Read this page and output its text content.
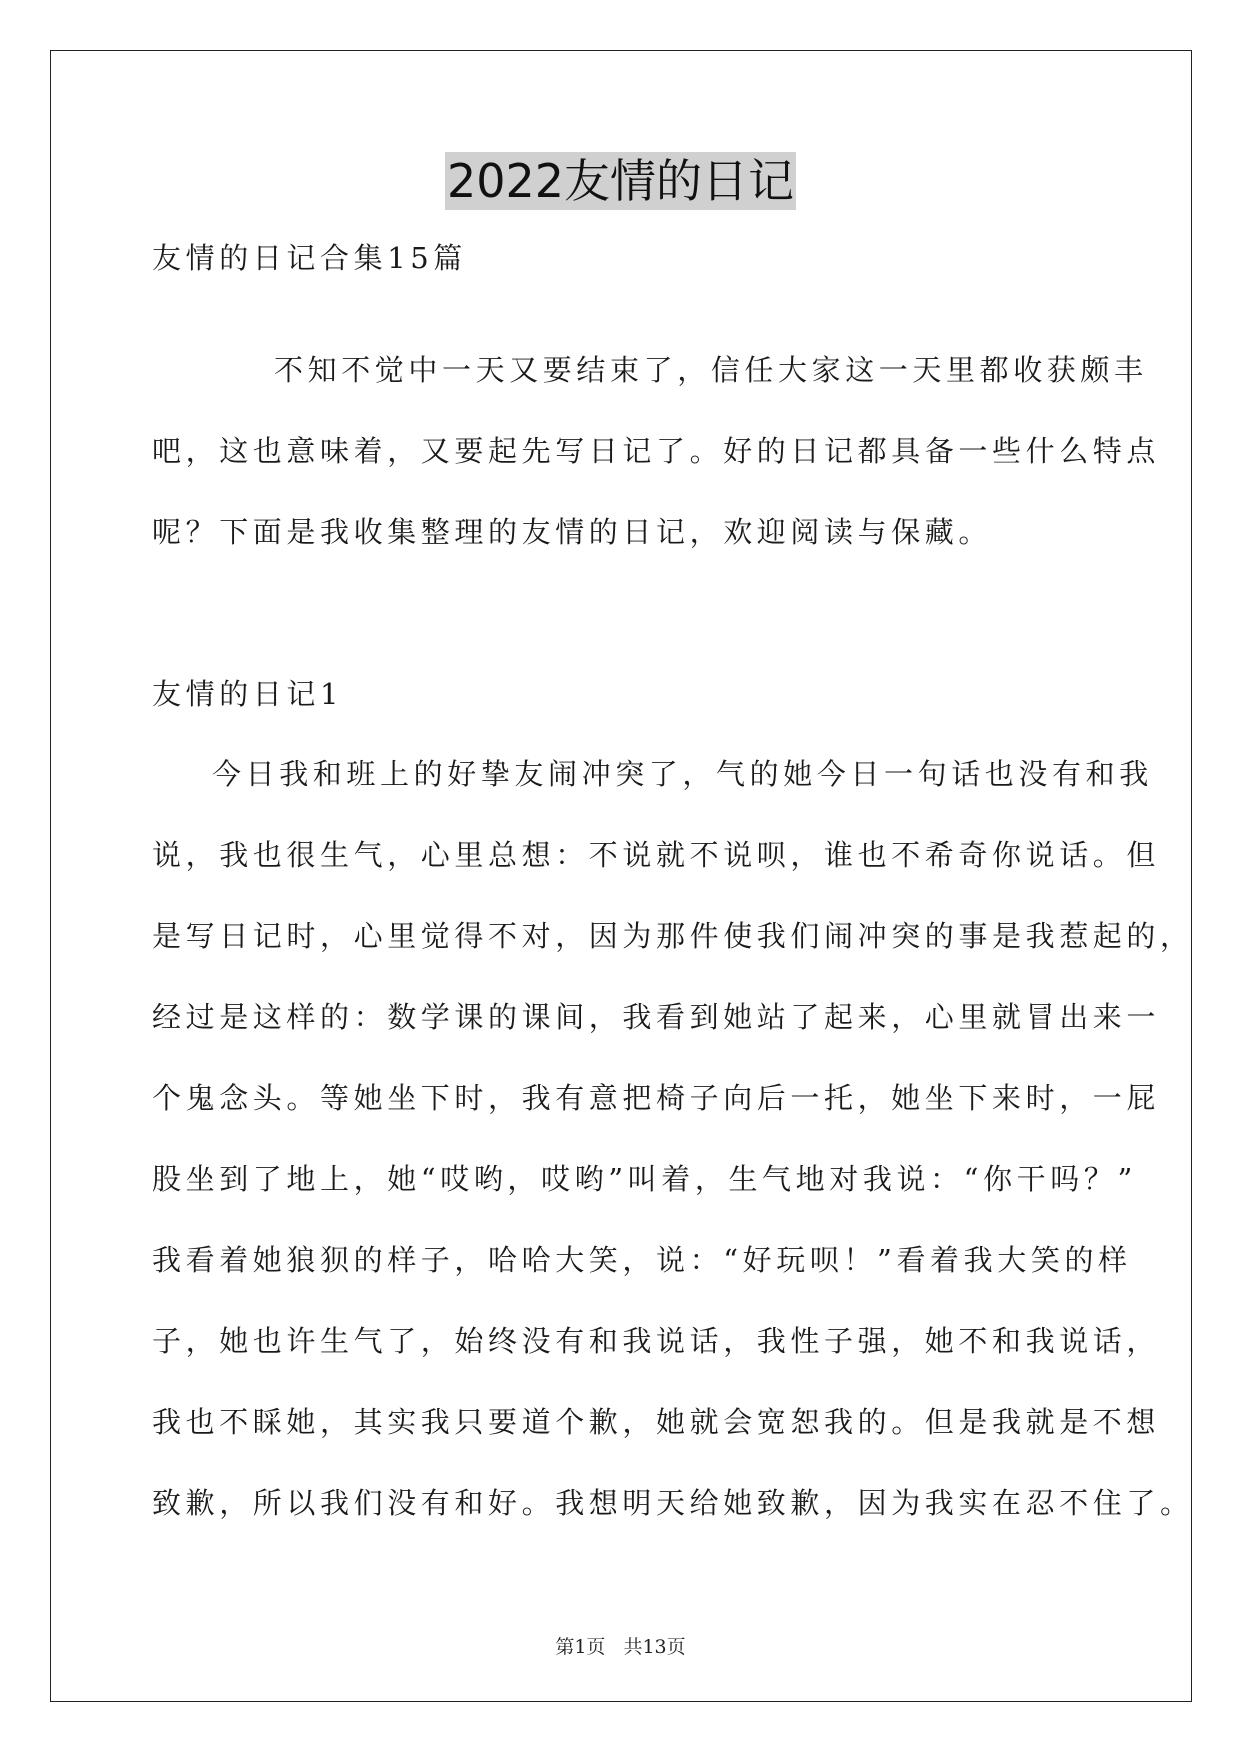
2022友情的日记
友情的日记合集15篇
不知不觉中一天又要结束了，信任大家这一天里都收获颇丰
吧，这也意味着，又要起先写日记了。好的日记都具备一些什么特点
呢？下面是我收集整理的友情的日记，欢迎阅读与保藏。
友情的日记1
今日我和班上的好挚友闹冲突了，气的她今日一句话也没有和我
说，我也很生气，心里总想：不说就不说呗，谁也不希奇你说话。但
是写日记时，心里觉得不对，因为那件使我们闹冲突的事是我惹起的，
经过是这样的：数学课的课间，我看到她站了起来，心里就冒出来一
个鬼念头。等她坐下时，我有意把椅子向后一托，她坐下来时，一屁
股坐到了地上，她“哎哟，哎哟”叫着，生气地对我说：“你干吗？”
我看着她狼狈的样子，哈哈大笑，说：“好玩呗！”看着我大笑的样
子，她也许生气了，始终没有和我说话，我性子强，她不和我说话，
我也不睬她，其实我只要道个歉，她就会宽恕我的。但是我就是不想
致歉，所以我们没有和好。我想明天给她致歉，因为我实在忍不住了。
第1页 共13页
